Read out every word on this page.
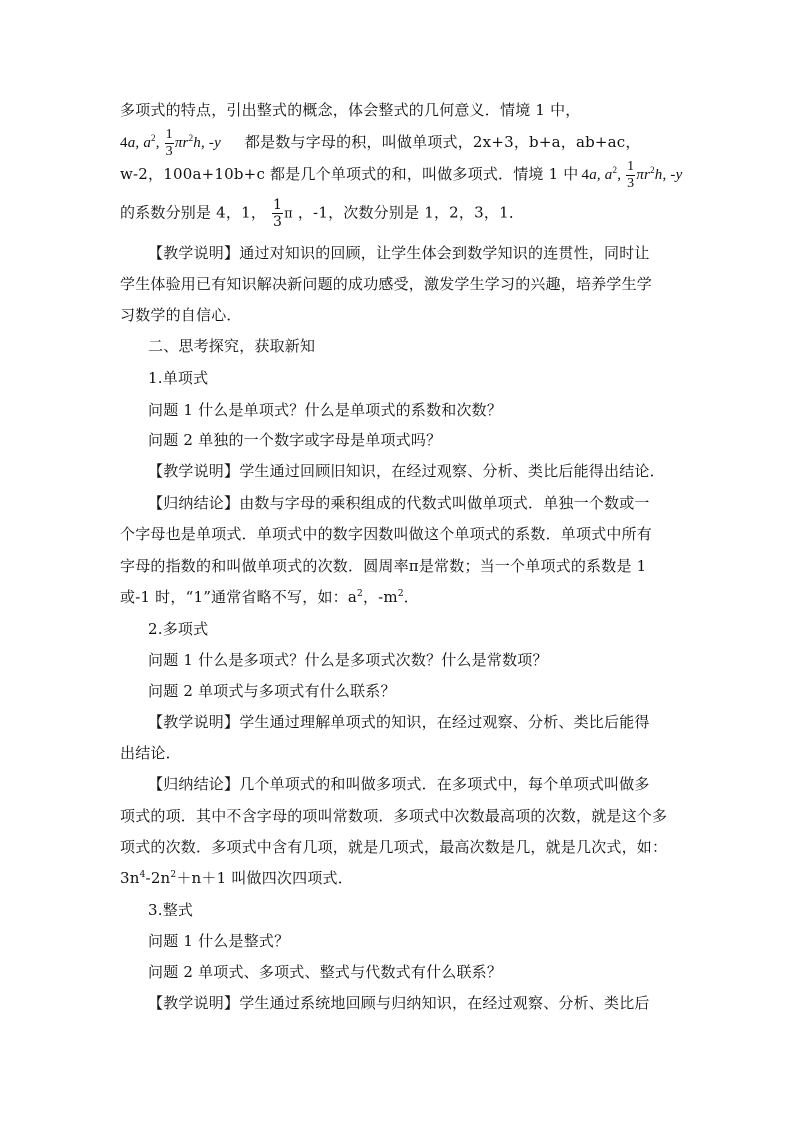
多项式的特点，引出整式的概念，体会整式的几何意义．情境 1 中，
4a, $a^2$, $\frac{1}{3} \pi r^2h$, -y 都是数与字母的积，叫做单项式，2x+3，b+a，ab+ac，
w-2，100a+10b+c 都是几个单项式的和，叫做多项式．情境 1 中 4a, $a^2$, $\frac{1}{3} \pi r^2h$, -y
的系数分别是 4，1， $\frac{1}{3}$ π ，-1，次数分别是 1，2，3，1．
【教学说明】通过对知识的回顾，让学生体会到数学知识的连贯性，同时让
学生体验用已有知识解决新问题的成功感受，激发学生学习的兴趣，培养学生学
习数学的自信心．
二、思考探究，获取新知
1.单项式
问题 1 什么是单项式？什么是单项式的系数和次数？
问题 2 单独的一个数字或字母是单项式吗？
【教学说明】学生通过回顾旧知识，在经过观察、分析、类比后能得出结论．
【归纳结论】由数与字母的乘积组成的代数式叫做单项式．单独一个数或一
个字母也是单项式．单项式中的数字因数叫做这个单项式的系数．单项式中所有
字母的指数的和叫做单项式的次数．圆周率π是常数；当一个单项式的系数是 1
或-1 时，“1”通常省略不写，如：$a^2$，$-m^2$．
2.多项式
问题 1 什么是多项式？什么是多项式次数？什么是常数项？
问题 2 单项式与多项式有什么联系？
【教学说明】学生通过理解单项式的知识，在经过观察、分析、类比后能得
出结论．
【归纳结论】几个单项式的和叫做多项式．在多项式中，每个单项式叫做多
项式的项．其中不含字母的项叫常数项．多项式中次数最高项的次数，就是这个多
项式的次数．多项式中含有几项，就是几项式，最高次数是几，就是几次式，如：
$3n^4-2n^2+n+1$ 叫做四次四项式．
3.整式
问题 1 什么是整式？
问题 2 单项式、多项式、整式与代数式有什么联系？
【教学说明】学生通过系统地回顾与归纳知识，在经过观察、分析、类比后
